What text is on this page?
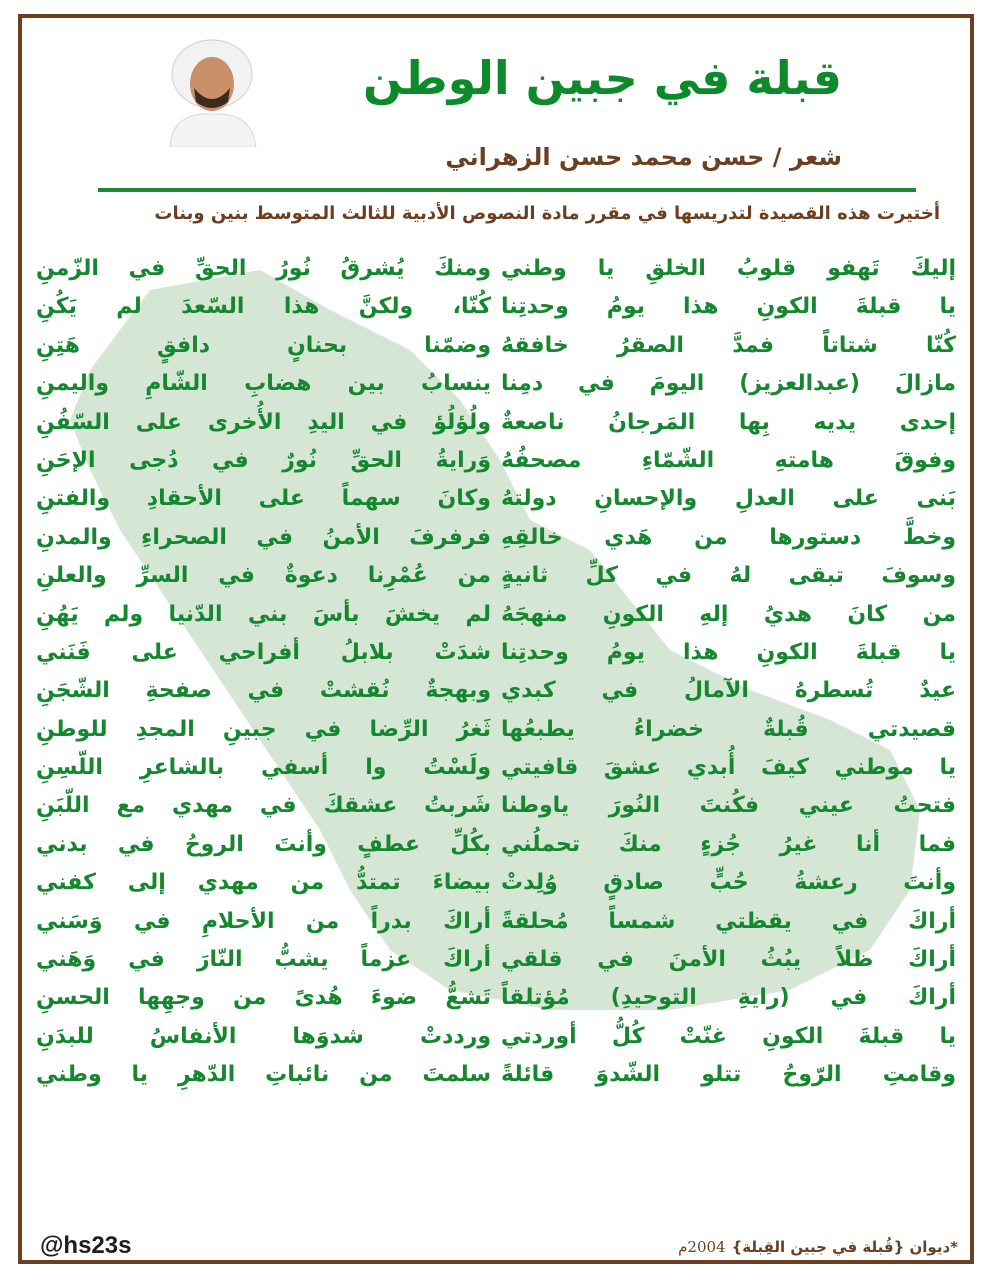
قبلة في جبين الوطن
شعر / حسن محمد حسن الزهراني
أختيرت هذه القصيدة لتدريسها في مقرر مادة النصوص الأدبية للثالث المتوسط بنين وبنات
إليكَ تَهفو قلوبُ الخلقِ يا وطني
ومنكَ يُشرقُ نُورُ الحقِّ في الزّمنِ
يا قبلةَ الكونِ هذا يومُ وحدتِنا
كُنّا، ولكنَّ هذا السّعدَ لم يَكُنِ
كُنّا شتاتاً فمدَّ الصقرُ خافقهُ
وضمّنا بحنانٍ دافقٍ هَتِنِ
مازالَ (عبدالعزيز) اليومَ في دمِنا
ينسابُ بين هضابِ الشّامِ واليمنِ
إحدى يديه بِها المَرجانُ ناصعةٌ
ولُؤلُؤ في اليدِ الأُخرى على السّفُنِ
وفوقَ هامتهِ الشّمّاءِ مصحفُهُ
وَرايةُ الحقِّ نُورٌ في دُجى الإحَنِ
بَنى على العدلِ والإحسانِ دولتهُ
وكانَ سهماً على الأحقادِ والفتنِ
وخطَّ دستورها من هَدي خالقِهِ
فرفرفَ الأمنُ في الصحراءِ والمدنِ
وسوفَ تبقى لهُ في كلِّ ثانيةٍ
من عُمْرِنا دعوةٌ في السرِّ والعلنِ
من كانَ هديُ إلهِ الكونِ منهجَهُ
لم يخشَ بأسَ بني الدّنيا ولم يَهُنِ
يا قبلةَ الكونِ هذا يومُ وحدتِنا
شدَتْ بلابلُ أفراحي على فَنَني
عيدٌ تُسطرهُ الآمالُ في كبدي
وبهجةٌ نُقشتْ في صفحةِ الشّجَنِ
قصيدتي قُبلةٌ خضراءُ يطبعُها
ثَغرُ الرِّضا في جبينِ المجدِ للوطنِ
يا موطني كيفَ أُبدي عشقَ قافيتي
ولَسْتُ وا أسفي بالشاعرِ اللّسِنِ
فتحتُ عيني فكُنتَ النُورَ ياوطنا
شَربتُ عشقكَ في مهدي مع اللّبَنِ
فما أنا غيرُ جُزءٍ منكَ تحملُني
بكُلِّ عطفٍ وأنتَ الروحُ في بدني
وأنتَ رعشةُ حُبٍّ صادقٍ وُلِدتْ
بيضاءَ تمتدُّ من مهدي إلى كفني
أراكَ في يقظتي شمساً مُحلقةً
أراكَ بدراً من الأحلامِ في وَسَني
أراكَ ظلاً يبُثُ الأمنَ في قلقي
أراكَ عزماً يشبُّ النّارَ في وَهَني
أراكَ في (رايةِ التوحيدِ) مُؤتلقاً
تَشعُّ ضوءَ هُدىً من وجهِها الحسنِ
يا قبلةَ الكونِ غنّتْ كُلُّ أوردتي
ورددتْ شدوَها الأنفاسُ للبدَنِ
وقامتِ الرّوحُ تتلو الشّدوَ قائلةً
سلمتَ من نائباتِ الدّهرِ يا وطني
@hs23s	*ديوان {قُبلة في جبين القِبلة}2004م
